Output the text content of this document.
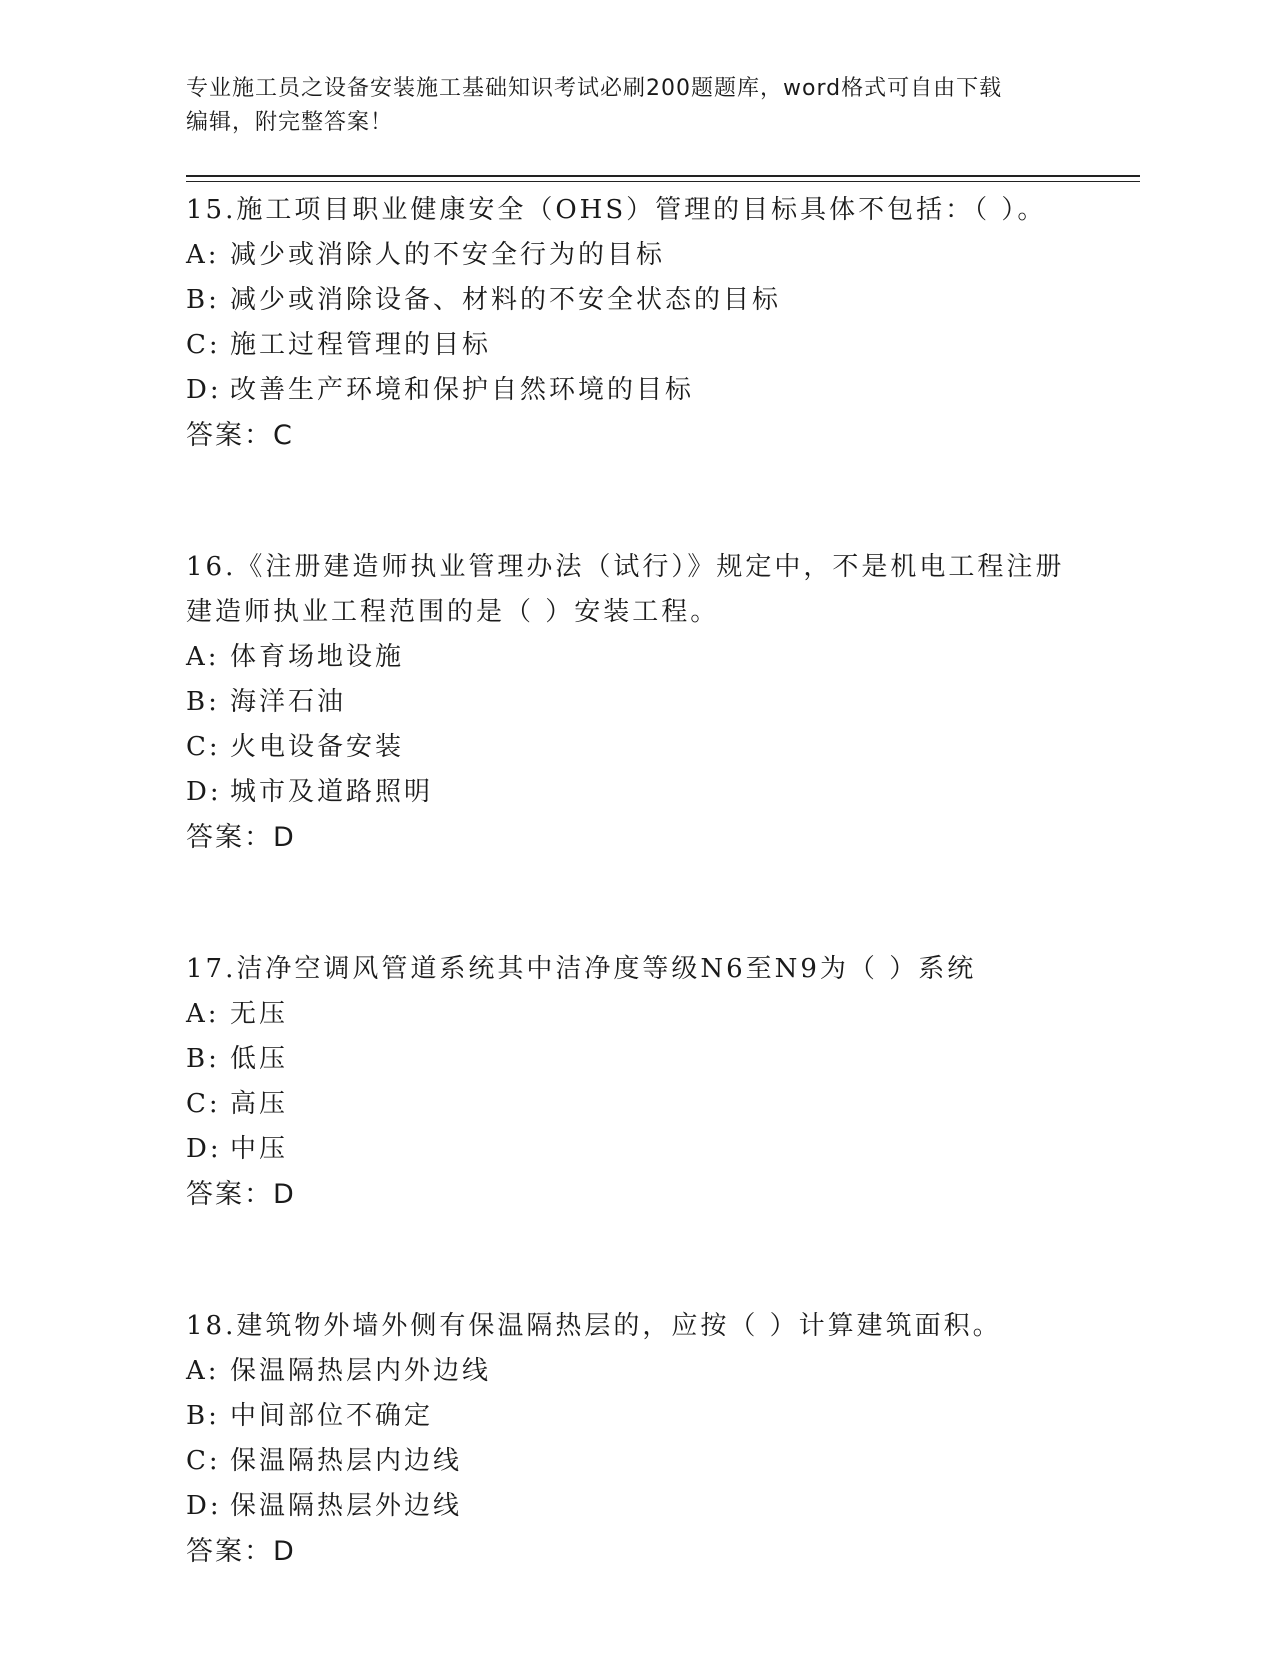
专业施工员之设备安装施工基础知识考试必刷200题题库，word格式可自由下载
编辑，附完整答案！
15.施工项目职业健康安全（OHS）管理的目标具体不包括：（ ）。
A: 减少或消除人的不安全行为的目标
B: 减少或消除设备、材料的不安全状态的目标
C: 施工过程管理的目标
D: 改善生产环境和保护自然环境的目标
答案：C
16.《注册建造师执业管理办法（试行）》规定中，不是机电工程注册建造师执业工程范围的是（ ）安装工程。
A: 体育场地设施
B: 海洋石油
C: 火电设备安装
D: 城市及道路照明
答案：D
17.洁净空调风管道系统其中洁净度等级N6至N9为（ ）系统
A: 无压
B: 低压
C: 高压
D: 中压
答案：D
18.建筑物外墙外侧有保温隔热层的，应按（ ）计算建筑面积。
A: 保温隔热层内外边线
B: 中间部位不确定
C: 保温隔热层内边线
D: 保温隔热层外边线
答案：D
